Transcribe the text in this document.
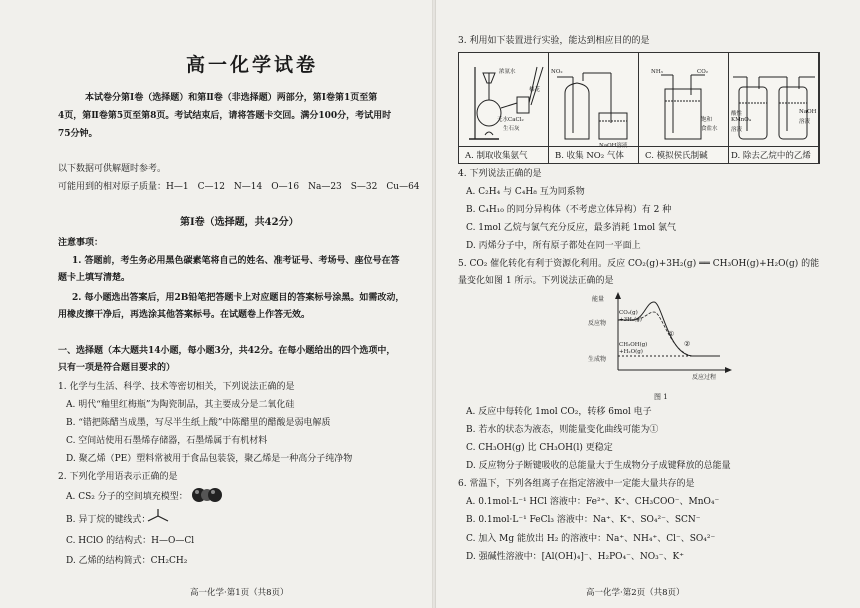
高一化学试卷
本试卷分第Ⅰ卷（选择题）和第Ⅱ卷（非选择题）两部分，第Ⅰ卷第1页至第
4页，第Ⅱ卷第5页至第8页。考试结束后，请将答题卡交回。满分100分，考试用时
75分钟。
以下数据可供解题时参考。
可能用到的相对原子质量：H—1　C—12　N—14　O—16　Na—23　S—32　Cu—64
第Ⅰ卷（选择题，共42分）
注意事项：
1. 答题前，考生务必用黑色碳素笔将自己的姓名、准考证号、考场号、座位号在答
题卡上填写清楚。
2. 每小题选出答案后，用2B铅笔把答题卡上对应题目的答案标号涂黑。如需改动，
用橡皮擦干净后，再选涂其他答案标号。在试题卷上作答无效。
一、选择题（本大题共14小题，每小题3分，共42分。在每小题给出的四个选项中，
只有一项是符合题目要求的）
1. 化学与生活、科学、技术等密切相关，下列说法正确的是
A. 明代“釉里红梅瓶”为陶瓷制品，其主要成分是二氧化硅
B. “错把陈醋当成墨，写尽半生纸上酸”中陈醋里的醋酸是弱电解质
C. 空间站使用石墨烯存储器，石墨烯属于有机材料
D. 聚乙烯（PE）塑料常被用于食品包装袋，聚乙烯是一种高分子纯净物
2. 下列化学用语表示正确的是
A. CS₂ 分子的空间填充模型：
B. 异丁烷的键线式：
C. HClO 的结构式：H—O—Cl
D. 乙烯的结构简式：CH₂CH₂
高一化学·第1页（共8页）
3. 利用如下装置进行实验，能达到相应目的的是
浓氨水
棉花
无水CaCl₂
生石灰
NO₂
NaOH溶液
NH₃	CO₂
饱和
食盐水
酸性
KMnO₄
溶液
NaOH
溶液
A. 制取收集氨气	B. 收集 NO₂ 气体 C. 模拟侯氏制碱	D. 除去乙烷中的乙烯
4. 下列说法正确的是
A. C₂H₄ 与 C₄H₈ 互为同系物
B. C₄H₁₀ 的同分异构体（不考虑立体异构）有 2 种
C. 1mol 乙烷与氯气充分反应，最多消耗 1mol 氯气
D. 丙烯分子中，所有原子都处在同一平面上
5. CO₂ 催化转化有利于资源化利用。反应 CO₂(g)+3H₂(g) ══ CH₃OH(g)+H₂O(g) 的能
量变化如图 1 所示。下列说法正确的是
能量
反应物
CO₂(g)
+3H₂(g)
生成物
CH₃OH(g)
+H₂O(g)
①
②
反应过程
图 1
A. 反应中每转化 1mol CO₂，转移 6mol 电子
B. 若水的状态为液态，则能量变化曲线可能为①
C. CH₃OH(g) 比 CH₃OH(l) 更稳定
D. 反应物分子断键吸收的总能量大于生成物分子成键释放的总能量
6. 常温下，下列各组离子在指定溶液中一定能大量共存的是
A. 0.1mol·L⁻¹ HCl 溶液中：Fe²⁺、K⁺、CH₃COO⁻、MnO₄⁻
B. 0.1mol·L⁻¹ FeCl₃ 溶液中：Na⁺、K⁺、SO₄²⁻、SCN⁻
C. 加入 Mg 能放出 H₂ 的溶液中：Na⁺、NH₄⁺、Cl⁻、SO₄²⁻
D. 强碱性溶液中：[Al(OH)₄]⁻、H₂PO₄⁻、NO₃⁻、K⁺
高一化学·第2页（共8页）
